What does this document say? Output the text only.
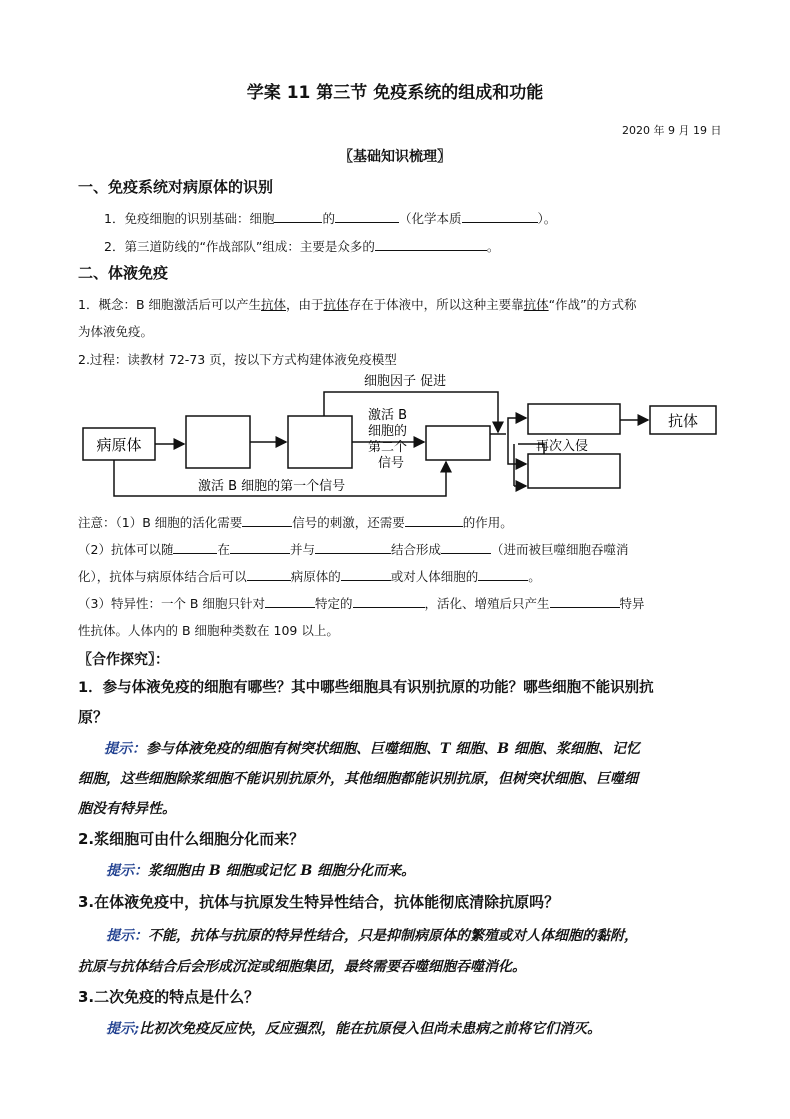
学案 11 第三节 免疫系统的组成和功能
2020 年 9 月 19 日
〖基础知识梳理〗
一、免疫系统对病原体的识别
1．免疫细胞的识别基础：细胞	的	（化学本质	）。
2．第三道防线的“作战部队”组成：主要是众多的	。
二、体液免疫
1．概念：B 细胞激活后可以产生抗体，由于抗体存在于体液中，所以这种主要靠抗体“作战”的方式称
为体液免疫。
2.过程：读教材 72-73 页，按以下方式构建体液免疫模型
病原体
抗体
细胞因子 促进
激活 B
细胞的
第二个
信号
再次入侵
激活 B 细胞的第一个信号
注意：（1）B 细胞的活化需要	信号的刺激，还需要	的作用。
（2）抗体可以随	在	并与	结合形成	（进而被巨噬细胞吞噬消
化），抗体与病原体结合后可以	病原体的	或对人体细胞的	。
（3）特异性：一个 B 细胞只针对	特定的	，活化、增殖后只产生	特异
性抗体。人体内的 B 细胞种类数在 109 以上。
〖合作探究〗：
1．参与体液免疫的细胞有哪些？其中哪些细胞具有识别抗原的功能？哪些细胞不能识别抗
原？
提示：参与体液免疫的细胞有树突状细胞、巨噬细胞、T 细胞、B 细胞、浆细胞、记忆
细胞，这些细胞除浆细胞不能识别抗原外，其他细胞都能识别抗原，但树突状细胞、巨噬细
胞没有特异性。
2.浆细胞可由什么细胞分化而来？
提示：浆细胞由 B 细胞或记忆 B 细胞分化而来。
3.在体液免疫中，抗体与抗原发生特异性结合，抗体能彻底清除抗原吗？
提示：不能，抗体与抗原的特异性结合，只是抑制病原体的繁殖或对人体细胞的黏附，
抗原与抗体结合后会形成沉淀或细胞集团，最终需要吞噬细胞吞噬消化。
3.二次免疫的特点是什么？
提示;比初次免疫反应快，反应强烈，能在抗原侵入但尚未患病之前将它们消灭。
